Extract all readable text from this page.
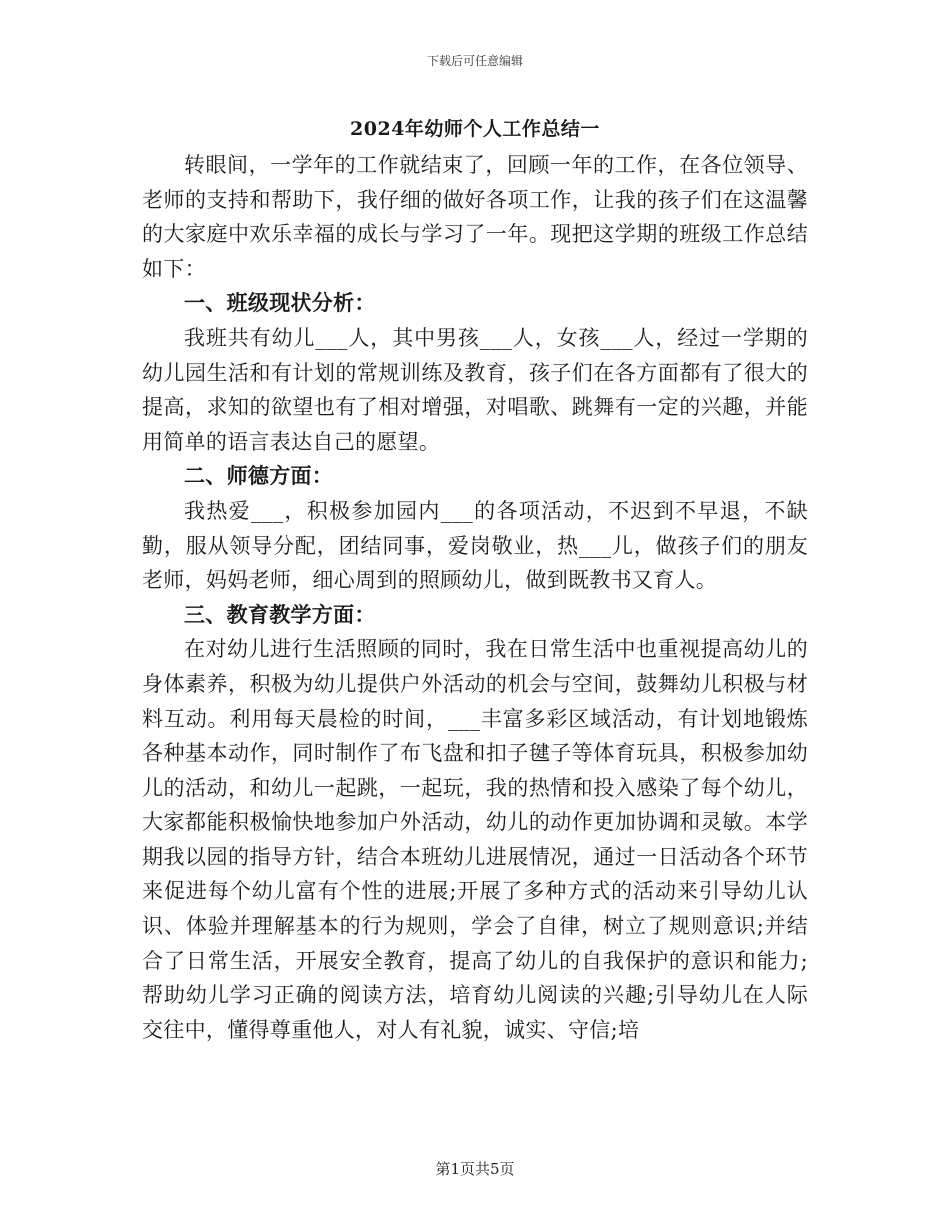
下载后可任意编辑
2024年幼师个人工作总结一

转眼间，一学年的工作就结束了，回顾一年的工作，在各位领导、老师的支持和帮助下，我仔细的做好各项工作，让我的孩子们在这温馨的大家庭中欢乐幸福的成长与学习了一年。现把这学期的班级工作总结如下：

一、班级现状分析：

我班共有幼儿___人，其中男孩___人，女孩___人，经过一学期的幼儿园生活和有计划的常规训练及教育，孩子们在各方面都有了很大的提高，求知的欲望也有了相对增强，对唱歌、跳舞有一定的兴趣，并能用简单的语言表达自己的愿望。

二、师德方面：

我热爱___，积极参加园内___的各项活动，不迟到不早退，不缺勤，服从领导分配，团结同事，爱岗敬业，热___儿，做孩子们的朋友老师，妈妈老师，细心周到的照顾幼儿，做到既教书又育人。

三、教育教学方面：

在对幼儿进行生活照顾的同时，我在日常生活中也重视提高幼儿的身体素养，积极为幼儿提供户外活动的机会与空间，鼓舞幼儿积极与材料互动。利用每天晨检的时间，___丰富多彩区域活动，有计划地锻炼各种基本动作，同时制作了布飞盘和扣子毽子等体育玩具，积极参加幼儿的活动，和幼儿一起跳，一起玩，我的热情和投入感染了每个幼儿，大家都能积极愉快地参加户外活动，幼儿的动作更加协调和灵敏。本学期我以园的指导方针，结合本班幼儿进展情况，通过一日活动各个环节来促进每个幼儿富有个性的进展;开展了多种方式的活动来引导幼儿认识、体验并理解基本的行为规则，学会了自律，树立了规则意识;并结合了日常生活，开展安全教育，提高了幼儿的自我保护的意识和能力;帮助幼儿学习正确的阅读方法，培育幼儿阅读的兴趣;引导幼儿在人际交往中，懂得尊重他人，对人有礼貌，诚实、守信;培

第1页共5页
